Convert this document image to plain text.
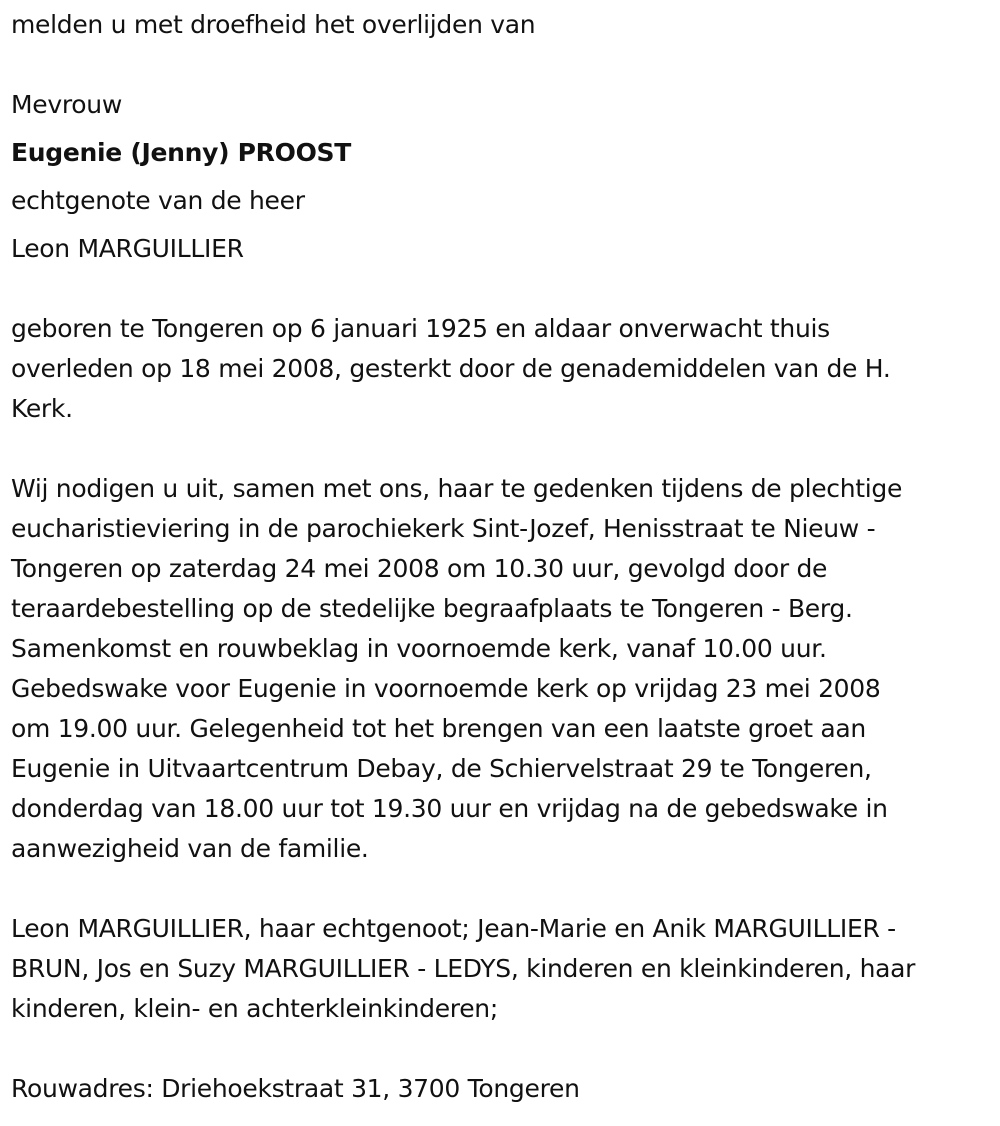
melden u met droefheid het overlijden van
Mevrouw
Eugenie (Jenny) PROOST
echtgenote van de heer
Leon MARGUILLIER
geboren te Tongeren op 6 januari 1925 en aldaar onverwacht thuis
overleden op 18 mei 2008, gesterkt door de genademiddelen van de H.
Kerk.
Wij nodigen u uit, samen met ons, haar te gedenken tijdens de plechtige
eucharistieviering in de parochiekerk Sint-Jozef, Henisstraat te Nieuw -
Tongeren op zaterdag 24 mei 2008 om 10.30 uur, gevolgd door de
teraardebestelling op de stedelijke begraafplaats te Tongeren - Berg.
Samenkomst en rouwbeklag in voornoemde kerk, vanaf 10.00 uur.
Gebedswake voor Eugenie in voornoemde kerk op vrijdag 23 mei 2008
om 19.00 uur. Gelegenheid tot het brengen van een laatste groet aan
Eugenie in Uitvaartcentrum Debay, de Schiervelstraat 29 te Tongeren,
donderdag van 18.00 uur tot 19.30 uur en vrijdag na de gebedswake in
aanwezigheid van de familie.
Leon MARGUILLIER, haar echtgenoot; Jean-Marie en Anik MARGUILLIER -
BRUN, Jos en Suzy MARGUILLIER - LEDYS, kinderen en kleinkinderen, haar
kinderen, klein- en achterkleinkinderen;
Rouwadres: Driehoekstraat 31, 3700 Tongeren
